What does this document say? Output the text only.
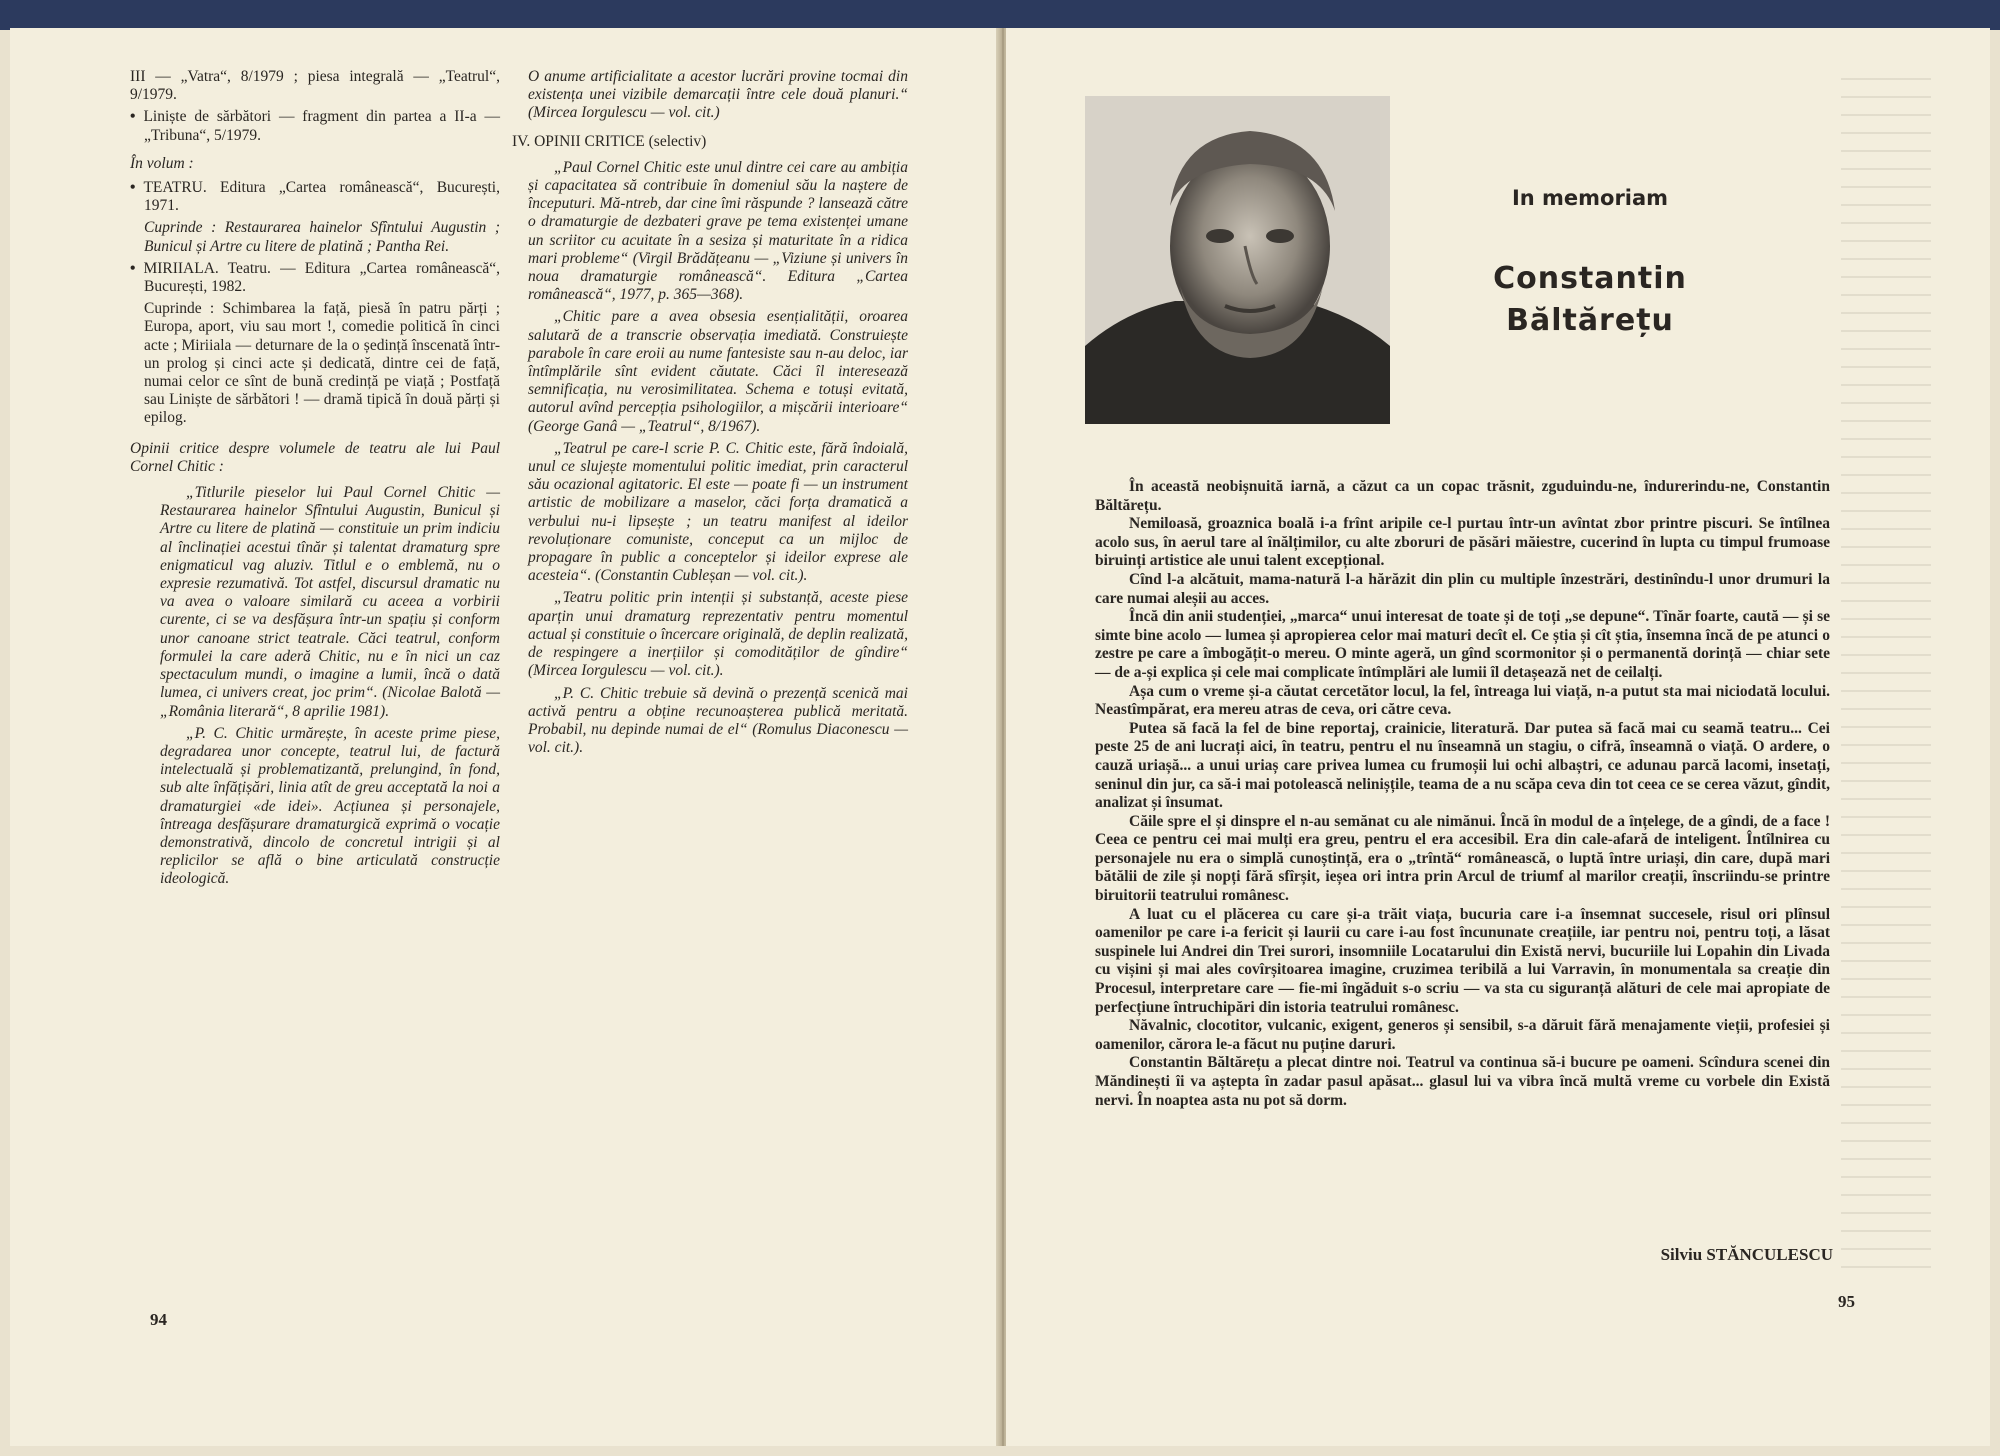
III — „Vatra“, 8/1979 ; piesa integrală — „Teatrul“, 9/1979.

• Liniște de sărbători — fragment din partea a II-a — „Tribuna“, 5/1979.

În volum :

• TEATRU. Editura „Cartea românească“, București, 1971.

Cuprinde : Restaurarea hainelor Sfîntului Augustin ; Bunicul și Artre cu litere de platină ; Pantha Rei.

• MIRIIALA. Teatru. — Editura „Cartea românească“, București, 1982.

Cuprinde : Schimbarea la față, piesă în patru părți ; Europa, aport, viu sau mort !, comedie politică în cinci acte ; Miriiala — deturnare de la o ședință înscenată într-un prolog și cinci acte și dedicată, dintre cei de față, numai celor ce sînt de bună credință pe viață ; Postfață sau Liniște de sărbători ! — dramă tipică în două părți și epilog.

Opinii critice despre volumele de teatru ale lui Paul Cornel Chitic :

„Titlurile pieselor lui Paul Cornel Chitic — Restaurarea hainelor Sfîntului Augustin, Bunicul și Artre cu litere de platină — constituie un prim indiciu al înclinației acestui tînăr și talentat dramaturg spre enigmaticul vag aluziv. Titlul e o emblemă, nu o expresie rezumativă. Tot astfel, discursul dramatic nu va avea o valoare similară cu aceea a vorbirii curente, ci se va desfășura într-un spațiu și conform unor canoane strict teatrale. Căci teatrul, conform formulei la care aderă Chitic, nu e în nici un caz spectaculum mundi, o imagine a lumii, încă o dată lumea, ci univers creat, joc prim“. (Nicolae Balotă — „România literară“, 8 aprilie 1981).

„P. C. Chitic urmărește, în aceste prime piese, degradarea unor concepte, teatrul lui, de factură intelectuală și problematizantă, prelungind, în fond, sub alte înfățișări, linia atît de greu acceptată la noi a dramaturgiei «de idei». Acțiunea și personajele, întreaga desfășurare dramaturgică exprimă o vocație demonstrativă, dincolo de concretul intrigii și al replicilor se află o bine articulată construcție ideologică.

O anume artificialitate a acestor lucrări provine tocmai din existența unei vizibile demarcații între cele două planuri.“ (Mircea Iorgulescu — vol. cit.)

IV. OPINII CRITICE (selectiv)

„Paul Cornel Chitic este unul dintre cei care au ambiția și capacitatea să contribuie în domeniul său la naștere de începuturi. Mă-ntreb, dar cine îmi răspunde ? lansează către o dramaturgie de dezbateri grave pe tema existenței umane un scriitor cu acuitate în a sesiza și maturitate în a ridica mari probleme“ (Virgil Brădățeanu — „Viziune și univers în noua dramaturgie românească“. Editura „Cartea românească“, 1977, p. 365—368).

„Chitic pare a avea obsesia esențialității, oroarea salutară de a transcrie observația imediată. Construiește parabole în care eroii au nume fantesiste sau n-au deloc, iar întîmplările sînt evident căutate. Căci îl interesează semnificația, nu verosimilitatea. Schema e totuși evitată, autorul avînd percepția psihologiilor, a mișcării interioare“ (George Ganâ — „Teatrul“, 8/1967).

„Teatrul pe care-l scrie P. C. Chitic este, fără îndoială, unul ce slujește momentului politic imediat, prin caracterul său ocazional agitatoric. El este — poate fi — un instrument artistic de mobilizare a maselor, căci forța dramatică a verbului nu-i lipsește ; un teatru manifest al ideilor revoluționare comuniste, conceput ca un mijloc de propagare în public a conceptelor și ideilor exprese ale acesteia“. (Constantin Cubleșan — vol. cit.).

„Teatru politic prin intenții și substanță, aceste piese aparțin unui dramaturg reprezentativ pentru momentul actual și constituie o încercare originală, de deplin realizată, de respingere a inerțiilor și comodităților de gîndire“ (Mircea Iorgulescu — vol. cit.).

„P. C. Chitic trebuie să devină o prezență scenică mai activă pentru a obține recunoașterea publică meritată. Probabil, nu depinde numai de el“ (Romulus Diaconescu — vol. cit.).

94
In memoriam
Constantin
Băltărețu

În această neobișnuită iarnă, a căzut ca un copac trăsnit, zguduindu-ne, îndurerindu-ne, Constantin Băltărețu.

Nemiloasă, groaznica boală i-a frînt aripile ce-l purtau într-un avîntat zbor printre piscuri. Se întîlnea acolo sus, în aerul tare al înălțimilor, cu alte zboruri de păsări măiestre, cucerind în lupta cu timpul frumoase biruinți artistice ale unui talent excepțional.

Cînd l-a alcătuit, mama-natură l-a hărăzit din plin cu multiple înzestrări, destinîndu-l unor drumuri la care numai aleșii au acces.

Încă din anii studenției, „marca“ unui interesat de toate și de toți „se depune“. Tînăr foarte, caută — și se simte bine acolo — lumea și apropierea celor mai maturi decît el. Ce știa și cît știa, însemna încă de pe atunci o zestre pe care a îmbogățit-o mereu. O minte ageră, un gînd scormonitor și o permanentă dorință — chiar sete — de a-și explica și cele mai complicate întîmplări ale lumii îl detașează net de ceilalți.

Așa cum o vreme și-a căutat cercetător locul, la fel, întreaga lui viață, n-a putut sta mai niciodată locului. Neastîmpărat, era mereu atras de ceva, ori către ceva.

Putea să facă la fel de bine reportaj, crainicie, literatură. Dar putea să facă mai cu seamă teatru... Cei peste 25 de ani lucrați aici, în teatru, pentru el nu înseamnă un stagiu, o cifră, înseamnă o viață. O ardere, o cauză uriașă... a unui uriaș care privea lumea cu frumoșii lui ochi albaștri, ce adunau parcă lacomi, insetați, seninul din jur, ca să-i mai potolească nelinișțile, teama de a nu scăpa ceva din tot ceea ce se cerea văzut, gîndit, analizat și însumat.

Căile spre el și dinspre el n-au semănat cu ale nimănui. Încă în modul de a înțelege, de a gîndi, de a face ! Ceea ce pentru cei mai mulți era greu, pentru el era accesibil. Era din cale-afară de inteligent. Întîlnirea cu personajele nu era o simplă cunoștință, era o „trîntă“ românească, o luptă între uriași, din care, după mari bătălii de zile și nopți fără sfîrșit, ieșea ori intra prin Arcul de triumf al marilor creații, înscriindu-se printre biruitorii teatrului românesc.

A luat cu el plăcerea cu care și-a trăit viața, bucuria care i-a însemnat succesele, risul ori plînsul oamenilor pe care i-a fericit și laurii cu care i-au fost încununate creațiile, iar pentru noi, pentru toți, a lăsat suspinele lui Andrei din Trei surori, insomniile Locatarului din Există nervi, bucuriile lui Lopahin din Livada cu vișini și mai ales covîrșitoarea imagine, cruzimea teribilă a lui Varravin, în monumentala sa creație din Procesul, interpretare care — fie-mi îngăduit s-o scriu — va sta cu siguranță alături de cele mai apropiate de perfecțiune întruchipări din istoria teatrului românesc.

Năvalnic, clocotitor, vulcanic, exigent, generos și sensibil, s-a dăruit fără menajamente vieții, profesiei și oamenilor, cărora le-a făcut nu puține daruri.

Constantin Băltărețu a plecat dintre noi. Teatrul va continua să-i bucure pe oameni. Scîndura scenei din Măndinești îi va aștepta în zadar pasul apăsat... glasul lui va vibra încă multă vreme cu vorbele din Există nervi. În noaptea asta nu pot să dorm.

Silviu STĂNCULESCU
95
